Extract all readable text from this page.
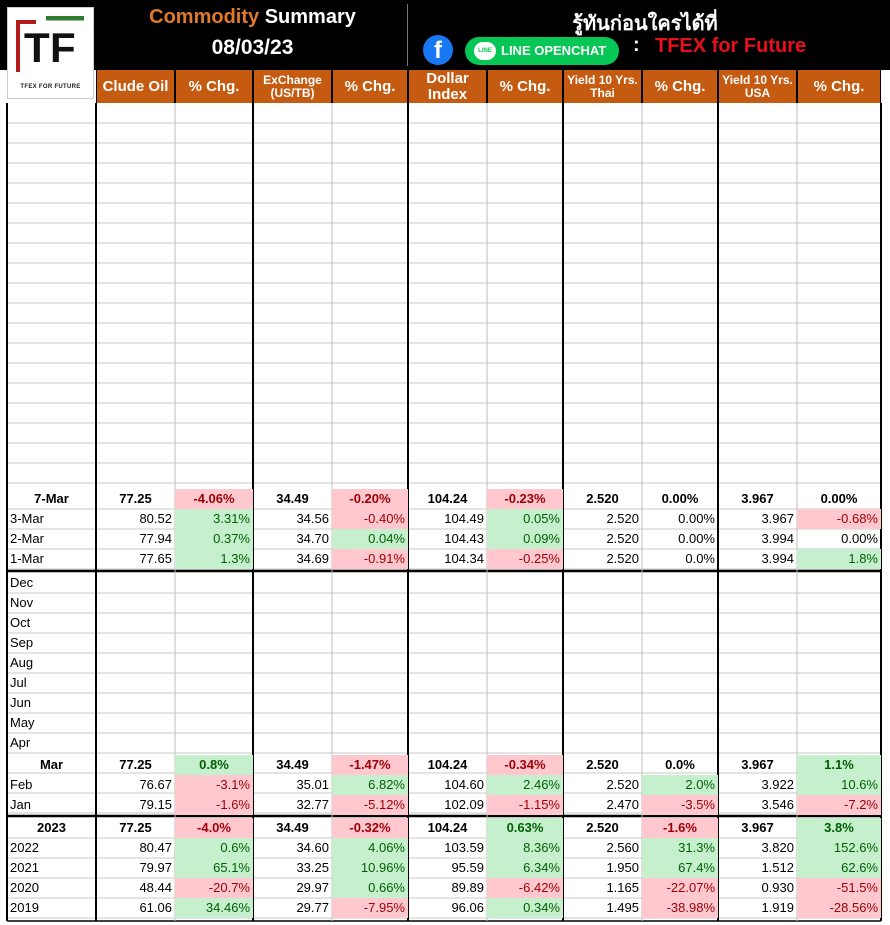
T F
TFEX FOR FUTURE
Commodity Summary
08/03/23
รู้ทันก่อนใครได้ที่
f	LINE LINE OPENCHAT	: TFEX for Future
Clude Oil	% Chg.	ExChange (US/TB)	% Chg.	Dollar Index	% Chg.	Yield 10 Yrs. Thai	% Chg.	Yield 10 Yrs. USA	% Chg.
7-Mar	77.25	-4.06%	34.49	-0.20%	104.24	-0.23%	2.520	0.00%	3.967	0.00%
3-Mar	80.52	3.31%	34.56	-0.40%	104.49	0.05%	2.520	0.00%	3.967	-0.68%
2-Mar	77.94	0.37%	34.70	0.04%	104.43	0.09%	2.520	0.00%	3.994	0.00%
1-Mar	77.65	1.3%	34.69	-0.91%	104.34	-0.25%	2.520	0.0%	3.994	1.8%
Dec
Nov
Oct
Sep
Aug
Jul
Jun
May
Apr
Mar	77.25	0.8%	34.49	-1.47%	104.24	-0.34%	2.520	0.0%	3.967	1.1%
Feb	76.67	-3.1%	35.01	6.82%	104.60	2.46%	2.520	2.0%	3.922	10.6%
Jan	79.15	-1.6%	32.77	-5.12%	102.09	-1.15%	2.470	-3.5%	3.546	-7.2%
2023	77.25	-4.0%	34.49	-0.32%	104.24	0.63%	2.520	-1.6%	3.967	3.8%
2022	80.47	0.6%	34.60	4.06%	103.59	8.36%	2.560	31.3%	3.820	152.6%
2021	79.97	65.1%	33.25	10.96%	95.59	6.34%	1.950	67.4%	1.512	62.6%
2020	48.44	-20.7%	29.97	0.66%	89.89	-6.42%	1.165	-22.07%	0.930	-51.5%
2019	61.06	34.46%	29.77	-7.95%	96.06	0.34%	1.495	-38.98%	1.919	-28.56%
